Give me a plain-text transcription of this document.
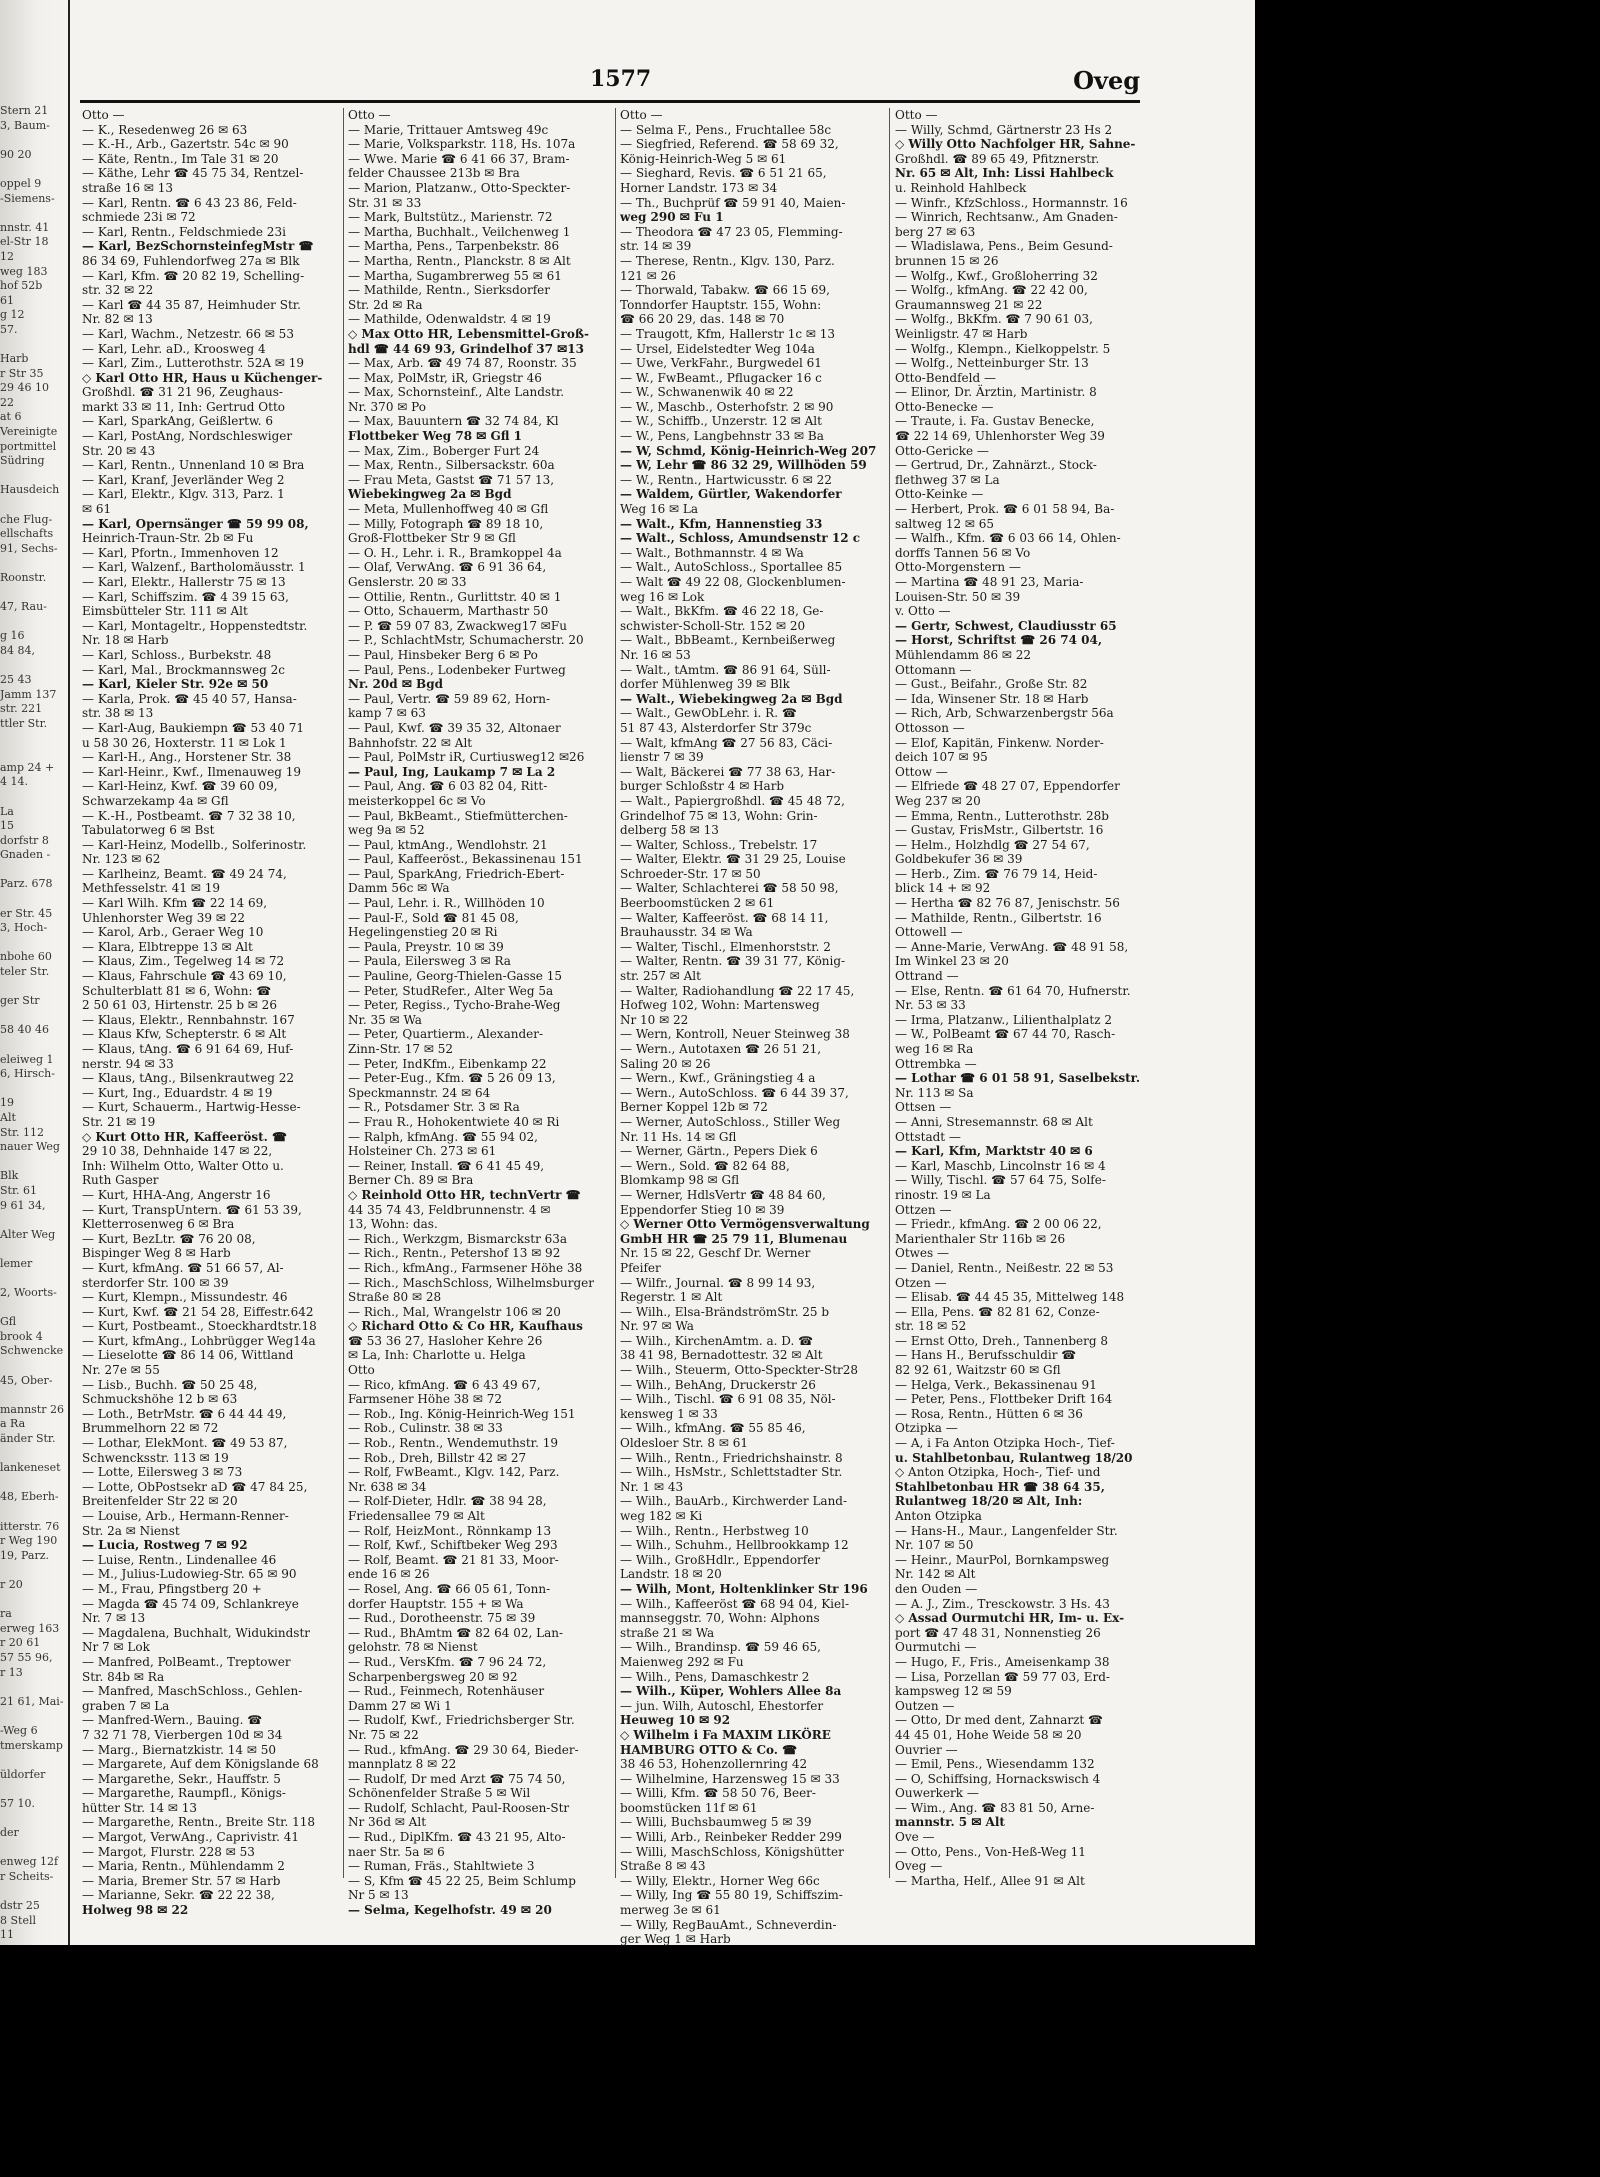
Stern 21
3, Baum-
90 20
oppel 9
-Siemens-
nnstr. 41
el-Str 18
12
weg 183
hof 52b
61
g 12
57.
Harb
r Str 35
29 46 10
22
at 6
Vereinigte
portmittel
Südring
Hausdeich
che Flug-
ellschafts
91, Sechs-
Roonstr.
47, Rau-
g 16
84 84,
25 43
Jamm 137
str. 221
ttler Str.
amp 24 +
4 14.
La
15
dorfstr 8
Gnaden -
Parz. 678
er Str. 45
3, Hoch-
nbohe 60
teler Str.
ger Str
58 40 46
eleiweg 1
6, Hirsch-
19
Alt
Str. 112
nauer Weg
Blk
Str. 61
9 61 34,
Alter Weg
lemer
2, Woorts-
Gfl
brook 4
Schwencke
45, Ober-
mannstr 26
a Ra
änder Str.
lankeneset
48, Eberh-
itterstr. 76
r Weg 190
19, Parz.
r 20
ra
erweg 163
r 20 61
57 55 96,
r 13
21 61, Mai-
-Weg 6
tmerskamp
üldorfer
57 10.
der
enweg 12f
r Scheits-
dstr 25
8 Stell
11
1577	Oveg
Otto —
— K., Resedenweg 26 ✉ 63
— K.-H., Arb., Gazertstr. 54c ✉ 90
— Käte, Rentn., Im Tale 31 ✉ 20
— Käthe, Lehr ☎ 45 75 34, Rentzel-
straße 16 ✉ 13
— Karl, Rentn. ☎ 6 43 23 86, Feld-
schmiede 23i ✉ 72
— Karl, Rentn., Feldschmiede 23i
— Karl, BezSchornsteinfegMstr ☎
86 34 69, Fuhlendorfweg 27a ✉ Blk
— Karl, Kfm. ☎ 20 82 19, Schelling-
str. 32 ✉ 22
— Karl ☎ 44 35 87, Heimhuder Str.
Nr. 82 ✉ 13
— Karl, Wachm., Netzestr. 66 ✉ 53
— Karl, Lehr. aD., Kroosweg 4
— Karl, Zim., Lutterothstr. 52A ✉ 19
◇ Karl Otto HR, Haus u Küchenger-
Großhdl. ☎ 31 21 96, Zeughaus-
markt 33 ✉ 11, Inh: Gertrud Otto
— Karl, SparkAng, Geißlertw. 6
— Karl, PostAng, Nordschleswiger
Str. 20 ✉ 43
— Karl, Rentn., Unnenland 10 ✉ Bra
— Karl, Kranf, Jeverländer Weg 2
— Karl, Elektr., Klgv. 313, Parz. 1
✉ 61
— Karl, Opernsänger ☎ 59 99 08,
Heinrich-Traun-Str. 2b ✉ Fu
— Karl, Pfortn., Immenhoven 12
— Karl, Walzenf., Bartholomäusstr. 1
— Karl, Elektr., Hallerstr 75 ✉ 13
— Karl, Schiffszim. ☎ 4 39 15 63,
Eimsbütteler Str. 111 ✉ Alt
— Karl, Montageltr., Hoppenstedtstr.
Nr. 18 ✉ Harb
— Karl, Schloss., Burbekstr. 48
— Karl, Mal., Brockmannsweg 2c
— Karl, Kieler Str. 92e ✉ 50
— Karla, Prok. ☎ 45 40 57, Hansa-
str. 38 ✉ 13
— Karl-Aug, Baukiempn ☎ 53 40 71
u 58 30 26, Hoxterstr. 11 ✉ Lok 1
— Karl-H., Ang., Horstener Str. 38
— Karl-Heinr., Kwf., Ilmenauweg 19
— Karl-Heinz, Kwf. ☎ 39 60 09,
Schwarzekamp 4a ✉ Gfl
— K.-H., Postbeamt. ☎ 7 32 38 10,
Tabulatorweg 6 ✉ Bst
— Karl-Heinz, Modellb., Solferinostr.
Nr. 123 ✉ 62
— Karlheinz, Beamt. ☎ 49 24 74,
Methfesselstr. 41 ✉ 19
— Karl Wilh. Kfm ☎ 22 14 69,
Uhlenhorster Weg 39 ✉ 22
— Karol, Arb., Geraer Weg 10
— Klara, Elbtreppe 13 ✉ Alt
— Klaus, Zim., Tegelweg 14 ✉ 72
— Klaus, Fahrschule ☎ 43 69 10,
Schulterblatt 81 ✉ 6, Wohn: ☎
2 50 61 03, Hirtenstr. 25 b ✉ 26
— Klaus, Elektr., Rennbahnstr. 167
— Klaus Kfw, Schepterstr. 6 ✉ Alt
— Klaus, tAng. ☎ 6 91 64 69, Huf-
nerstr. 94 ✉ 33
— Klaus, tAng., Bilsenkrautweg 22
— Kurt, Ing., Eduardstr. 4 ✉ 19
— Kurt, Schauerm., Hartwig-Hesse-
Str. 21 ✉ 19
◇ Kurt Otto HR, Kaffeeröst. ☎
29 10 38, Dehnhaide 147 ✉ 22,
Inh: Wilhelm Otto, Walter Otto u.
Ruth Gasper
— Kurt, HHA-Ang, Angerstr 16
— Kurt, TranspUntern. ☎ 61 53 39,
Kletterrosenweg 6 ✉ Bra
— Kurt, BezLtr. ☎ 76 20 08,
Bispinger Weg 8 ✉ Harb
— Kurt, kfmAng. ☎ 51 66 57, Al-
sterdorfer Str. 100 ✉ 39
— Kurt, Klempn., Missundestr. 46
— Kurt, Kwf. ☎ 21 54 28, Eiffestr.642
— Kurt, Postbeamt., Stoeckhardtstr.18
— Kurt, kfmAng., Lohbrügger Weg14a
— Lieselotte ☎ 86 14 06, Wittland
Nr. 27e ✉ 55
— Lisb., Buchh. ☎ 50 25 48,
Schmuckshöhe 12 b ✉ 63
— Loth., BetrMstr. ☎ 6 44 44 49,
Brummelhorn 22 ✉ 72
— Lothar, ElekMont. ☎ 49 53 87,
Schwencksstr. 113 ✉ 19
— Lotte, Eilersweg 3 ✉ 73
— Lotte, ObPostsekr aD ☎ 47 84 25,
Breitenfelder Str 22 ✉ 20
— Louise, Arb., Hermann-Renner-
Str. 2a ✉ Nienst
— Lucia, Rostweg 7 ✉ 92
— Luise, Rentn., Lindenallee 46
— M., Julius-Ludowieg-Str. 65 ✉ 90
— M., Frau, Pfingstberg 20 +
— Magda ☎ 45 74 09, Schlankreye
Nr. 7 ✉ 13
— Magdalena, Buchhalt, Widukindstr
Nr 7 ✉ Lok
— Manfred, PolBeamt., Treptower
Str. 84b ✉ Ra
— Manfred, MaschSchloss., Gehlen-
graben 7 ✉ La
— Manfred-Wern., Bauing. ☎
7 32 71 78, Vierbergen 10d ✉ 34
— Marg., Biernatzkistr. 14 ✉ 50
— Margarete, Auf dem Königslande 68
— Margarethe, Sekr., Hauffstr. 5
— Margarethe, Raumpfl., Königs-
hütter Str. 14 ✉ 13
— Margarethe, Rentn., Breite Str. 118
— Margot, VerwAng., Caprivistr. 41
— Margot, Flurstr. 228 ✉ 53
— Maria, Rentn., Mühlendamm 2
— Maria, Bremer Str. 57 ✉ Harb
— Marianne, Sekr. ☎ 22 22 38,
Holweg 98 ✉ 22
Otto —
— Marie, Trittauer Amtsweg 49c
— Marie, Volksparkstr. 118, Hs. 107a
— Wwe. Marie ☎ 6 41 66 37, Bram-
felder Chaussee 213b ✉ Bra
— Marion, Platzanw., Otto-Speckter-
Str. 31 ✉ 33
— Mark, Bultstütz., Marienstr. 72
— Martha, Buchhalt., Veilchenweg 1
— Martha, Pens., Tarpenbekstr. 86
— Martha, Rentn., Planckstr. 8 ✉ Alt
— Martha, Sugambrerweg 55 ✉ 61
— Mathilde, Rentn., Sierksdorfer
Str. 2d ✉ Ra
— Mathilde, Odenwaldstr. 4 ✉ 19
◇ Max Otto HR, Lebensmittel-Groß-
hdl ☎ 44 69 93, Grindelhof 37 ✉13
— Max, Arb. ☎ 49 74 87, Roonstr. 35
— Max, PolMstr, iR, Griegstr 46
— Max, Schornsteinf., Alte Landstr.
Nr. 370 ✉ Po
— Max, Bauuntern ☎ 32 74 84, Kl
Flottbeker Weg 78 ✉ Gfl 1
— Max, Zim., Boberger Furt 24
— Max, Rentn., Silbersackstr. 60a
— Frau Meta, Gastst ☎ 71 57 13,
Wiebekingweg 2a ✉ Bgd
— Meta, Mullenhoffweg 40 ✉ Gfl
— Milly, Fotograph ☎ 89 18 10,
Groß-Flottbeker Str 9 ✉ Gfl
— O. H., Lehr. i. R., Bramkoppel 4a
— Olaf, VerwAng. ☎ 6 91 36 64,
Genslerstr. 20 ✉ 33
— Ottilie, Rentn., Gurlittstr. 40 ✉ 1
— Otto, Schauerm, Marthastr 50
— P. ☎ 59 07 83, Zwackweg17 ✉Fu
— P., SchlachtMstr, Schumacherstr. 20
— Paul, Hinsbeker Berg 6 ✉ Po
— Paul, Pens., Lodenbeker Furtweg
Nr. 20d ✉ Bgd
— Paul, Vertr. ☎ 59 89 62, Horn-
kamp 7 ✉ 63
— Paul, Kwf. ☎ 39 35 32, Altonaer
Bahnhofstr. 22 ✉ Alt
— Paul, PolMstr iR, Curtiusweg12 ✉26
— Paul, Ing, Laukamp 7 ✉ La 2
— Paul, Ang. ☎ 6 03 82 04, Ritt-
meisterkoppel 6c ✉ Vo
— Paul, BkBeamt., Stiefmütterchen-
weg 9a ✉ 52
— Paul, ktmAng., Wendlohstr. 21
— Paul, Kaffeeröst., Bekassinenau 151
— Paul, SparkAng, Friedrich-Ebert-
Damm 56c ✉ Wa
— Paul, Lehr. i. R., Willhöden 10
— Paul-F., Sold ☎ 81 45 08,
Hegelingenstieg 20 ✉ Ri
— Paula, Preystr. 10 ✉ 39
— Paula, Eilersweg 3 ✉ Ra
— Pauline, Georg-Thielen-Gasse 15
— Peter, StudRefer., Alter Weg 5a
— Peter, Regiss., Tycho-Brahe-Weg
Nr. 35 ✉ Wa
— Peter, Quartierm., Alexander-
Zinn-Str. 17 ✉ 52
— Peter, IndKfm., Eibenkamp 22
— Peter-Eug., Kfm. ☎ 5 26 09 13,
Speckmannstr. 24 ✉ 64
— R., Potsdamer Str. 3 ✉ Ra
— Frau R., Hohokentwiete 40 ✉ Ri
— Ralph, kfmAng. ☎ 55 94 02,
Holsteiner Ch. 273 ✉ 61
— Reiner, Install. ☎ 6 41 45 49,
Berner Ch. 89 ✉ Bra
◇ Reinhold Otto HR, technVertr ☎
44 35 74 43, Feldbrunnenstr. 4 ✉
13, Wohn: das.
— Rich., Werkzgm, Bismarckstr 63a
— Rich., Rentn., Petershof 13 ✉ 92
— Rich., kfmAng., Farmsener Höhe 38
— Rich., MaschSchloss, Wilhelmsburger
Straße 80 ✉ 28
— Rich., Mal, Wrangelstr 106 ✉ 20
◇ Richard Otto & Co HR, Kaufhaus
☎ 53 36 27, Hasloher Kehre 26
✉ La, Inh: Charlotte u. Helga
Otto
— Rico, kfmAng. ☎ 6 43 49 67,
Farmsener Höhe 38 ✉ 72
— Rob., Ing. König-Heinrich-Weg 151
— Rob., Culinstr. 38 ✉ 33
— Rob., Rentn., Wendemuthstr. 19
— Rob., Dreh, Billstr 42 ✉ 27
— Rolf, FwBeamt., Klgv. 142, Parz.
Nr. 638 ✉ 34
— Rolf-Dieter, Hdlr. ☎ 38 94 28,
Friedensallee 79 ✉ Alt
— Rolf, HeizMont., Rönnkamp 13
— Rolf, Kwf., Schiftbeker Weg 293
— Rolf, Beamt. ☎ 21 81 33, Moor-
ende 16 ✉ 26
— Rosel, Ang. ☎ 66 05 61, Tonn-
dorfer Hauptstr. 155 + ✉ Wa
— Rud., Dorotheenstr. 75 ✉ 39
— Rud., BhAmtm ☎ 82 64 02, Lan-
gelohstr. 78 ✉ Nienst
— Rud., VersKfm. ☎ 7 96 24 72,
Scharpenbergsweg 20 ✉ 92
— Rud., Feinmech, Rotenhäuser
Damm 27 ✉ Wi 1
— Rudolf, Kwf., Friedrichsberger Str.
Nr. 75 ✉ 22
— Rud., kfmAng. ☎ 29 30 64, Bieder-
mannplatz 8 ✉ 22
— Rudolf, Dr med Arzt ☎ 75 74 50,
Schönenfelder Straße 5 ✉ Wil
— Rudolf, Schlacht, Paul-Roosen-Str
Nr 36d ✉ Alt
— Rud., DiplKfm. ☎ 43 21 95, Alto-
naer Str. 5a ✉ 6
— Ruman, Fräs., Stahltwiete 3
— S, Kfm ☎ 45 22 25, Beim Schlump
Nr 5 ✉ 13
— Selma, Kegelhofstr. 49 ✉ 20
Otto —
— Selma F., Pens., Fruchtallee 58c
— Siegfried, Referend. ☎ 58 69 32,
König-Heinrich-Weg 5 ✉ 61
— Sieghard, Revis. ☎ 6 51 21 65,
Horner Landstr. 173 ✉ 34
— Th., Buchprüf ☎ 59 91 40, Maien-
weg 290 ✉ Fu 1
— Theodora ☎ 47 23 05, Flemming-
str. 14 ✉ 39
— Therese, Rentn., Klgv. 130, Parz.
121 ✉ 26
— Thorwald, Tabakw. ☎ 66 15 69,
Tonndorfer Hauptstr. 155, Wohn:
☎ 66 20 29, das. 148 ✉ 70
— Traugott, Kfm, Hallerstr 1c ✉ 13
— Ursel, Eidelstedter Weg 104a
— Uwe, VerkFahr., Burgwedel 61
— W., FwBeamt., Pflugacker 16 c
— W., Schwanenwik 40 ✉ 22
— W., Maschb., Osterhofstr. 2 ✉ 90
— W., Schiffb., Unzerstr. 12 ✉ Alt
— W., Pens, Langbehnstr 33 ✉ Ba
— W, Schmd, König-Heinrich-Weg 207
— W, Lehr ☎ 86 32 29, Willhöden 59
— W., Rentn., Hartwicusstr. 6 ✉ 22
— Waldem, Gürtler, Wakendorfer
Weg 16 ✉ La
— Walt., Kfm, Hannenstieg 33
— Walt., Schloss, Amundsenstr 12 c
— Walt., Bothmannstr. 4 ✉ Wa
— Walt., AutoSchloss., Sportallee 85
— Walt ☎ 49 22 08, Glockenblumen-
weg 16 ✉ Lok
— Walt., BkKfm. ☎ 46 22 18, Ge-
schwister-Scholl-Str. 152 ✉ 20
— Walt., BbBeamt., Kernbeißerweg
Nr. 16 ✉ 53
— Walt., tAmtm. ☎ 86 91 64, Süll-
dorfer Mühlenweg 39 ✉ Blk
— Walt., Wiebekingweg 2a ✉ Bgd
— Walt., GewObLehr. i. R. ☎
51 87 43, Alsterdorfer Str 379c
— Walt, kfmAng ☎ 27 56 83, Cäci-
lienstr 7 ✉ 39
— Walt, Bäckerei ☎ 77 38 63, Har-
burger Schloßstr 4 ✉ Harb
— Walt., Papiergroßhdl. ☎ 45 48 72,
Grindelhof 75 ✉ 13, Wohn: Grin-
delberg 58 ✉ 13
— Walter, Schloss., Trebelstr. 17
— Walter, Elektr. ☎ 31 29 25, Louise
Schroeder-Str. 17 ✉ 50
— Walter, Schlachterei ☎ 58 50 98,
Beerboomstücken 2 ✉ 61
— Walter, Kaffeeröst. ☎ 68 14 11,
Brauhausstr. 34 ✉ Wa
— Walter, Tischl., Elmenhorststr. 2
— Walter, Rentn. ☎ 39 31 77, König-
str. 257 ✉ Alt
— Walter, Radiohandlung ☎ 22 17 45,
Hofweg 102, Wohn: Martensweg
Nr 10 ✉ 22
— Wern, Kontroll, Neuer Steinweg 38
— Wern., Autotaxen ☎ 26 51 21,
Saling 20 ✉ 26
— Wern., Kwf., Gräningstieg 4 a
— Wern., AutoSchloss. ☎ 6 44 39 37,
Berner Koppel 12b ✉ 72
— Werner, AutoSchloss., Stiller Weg
Nr. 11 Hs. 14 ✉ Gfl
— Werner, Gärtn., Pepers Diek 6
— Wern., Sold. ☎ 82 64 88,
Blomkamp 98 ✉ Gfl
— Werner, HdlsVertr ☎ 48 84 60,
Eppendorfer Stieg 10 ✉ 39
◇ Werner Otto Vermögensverwaltung
GmbH HR ☎ 25 79 11, Blumenau
Nr. 15 ✉ 22, Geschf Dr. Werner
Pfeifer
— Wilfr., Journal. ☎ 8 99 14 93,
Regerstr. 1 ✉ Alt
— Wilh., Elsa-BrändströmStr. 25 b
Nr. 97 ✉ Wa
— Wilh., KirchenAmtm. a. D. ☎
38 41 98, Bernadottestr. 32 ✉ Alt
— Wilh., Steuerm, Otto-Speckter-Str28
— Wilh., BehAng, Druckerstr 26
— Wilh., Tischl. ☎ 6 91 08 35, Nöl-
kensweg 1 ✉ 33
— Wilh., kfmAng. ☎ 55 85 46,
Oldesloer Str. 8 ✉ 61
— Wilh., Rentn., Friedrichshainstr. 8
— Wilh., HsMstr., Schlettstadter Str.
Nr. 1 ✉ 43
— Wilh., BauArb., Kirchwerder Land-
weg 182 ✉ Ki
— Wilh., Rentn., Herbstweg 10
— Wilh., Schuhm., Hellbrookkamp 12
— Wilh., GroßHdlr., Eppendorfer
Landstr. 18 ✉ 20
— Wilh, Mont, Holtenklinker Str 196
— Wilh., Kaffeeröst ☎ 68 94 04, Kiel-
mannseggstr. 70, Wohn: Alphons
straße 21 ✉ Wa
— Wilh., Brandinsp. ☎ 59 46 65,
Maienweg 292 ✉ Fu
— Wilh., Pens, Damaschkestr 2
— Wilh., Küper, Wohlers Allee 8a
— jun. Wilh, Autoschl, Ehestorfer
Heuweg 10 ✉ 92
◇ Wilhelm i Fa MAXIM LIKÖRE
HAMBURG OTTO & Co. ☎
38 46 53, Hohenzollernring 42
— Wilhelmine, Harzensweg 15 ✉ 33
— Willi, Kfm. ☎ 58 50 76, Beer-
boomstücken 11f ✉ 61
— Willi, Buchsbaumweg 5 ✉ 39
— Willi, Arb., Reinbeker Redder 299
— Willi, MaschSchloss, Königshütter
Straße 8 ✉ 43
— Willy, Elektr., Horner Weg 66c
— Willy, Ing ☎ 55 80 19, Schiffszim-
merweg 3e ✉ 61
— Willy, RegBauAmt., Schneverdin-
ger Weg 1 ✉ Harb
Otto —
— Willy, Schmd, Gärtnerstr 23 Hs 2
◇ Willy Otto Nachfolger HR, Sahne-
Großhdl. ☎ 89 65 49, Pfitznerstr.
Nr. 65 ✉ Alt, Inh: Lissi Hahlbeck
u. Reinhold Hahlbeck
— Winfr., KfzSchloss., Hormannstr. 16
— Winrich, Rechtsanw., Am Gnaden-
berg 27 ✉ 63
— Wladislawa, Pens., Beim Gesund-
brunnen 15 ✉ 26
— Wolfg., Kwf., Großloherring 32
— Wolfg., kfmAng. ☎ 22 42 00,
Graumannsweg 21 ✉ 22
— Wolfg., BkKfm. ☎ 7 90 61 03,
Weinligstr. 47 ✉ Harb
— Wolfg., Klempn., Kielkoppelstr. 5
— Wolfg., Netteinburger Str. 13
Otto-Bendfeld —
— Elinor, Dr. Ärztin, Martinistr. 8
Otto-Benecke —
— Traute, i. Fa. Gustav Benecke,
☎ 22 14 69, Uhlenhorster Weg 39
Otto-Gericke —
— Gertrud, Dr., Zahnärzt., Stock-
flethweg 37 ✉ La
Otto-Keinke —
— Herbert, Prok. ☎ 6 01 58 94, Ba-
saltweg 12 ✉ 65
— Walfh., Kfm. ☎ 6 03 66 14, Ohlen-
dorffs Tannen 56 ✉ Vo
Otto-Morgenstern —
— Martina ☎ 48 91 23, Maria-
Louisen-Str. 50 ✉ 39
v. Otto —
— Gertr, Schwest, Claudiusstr 65
— Horst, Schriftst ☎ 26 74 04,
Mühlendamm 86 ✉ 22
Ottomann —
— Gust., Beifahr., Große Str. 82
— Ida, Winsener Str. 18 ✉ Harb
— Rich, Arb, Schwarzenbergstr 56a
Ottosson —
— Elof, Kapitän, Finkenw. Norder-
deich 107 ✉ 95
Ottow —
— Elfriede ☎ 48 27 07, Eppendorfer
Weg 237 ✉ 20
— Emma, Rentn., Lutterothstr. 28b
— Gustav, FrisMstr., Gilbertstr. 16
— Helm., Holzhdlg ☎ 27 54 67,
Goldbekufer 36 ✉ 39
— Herb., Zim. ☎ 76 79 14, Heid-
blick 14 + ✉ 92
— Hertha ☎ 82 76 87, Jenischstr. 56
— Mathilde, Rentn., Gilbertstr. 16
Ottowell —
— Anne-Marie, VerwAng. ☎ 48 91 58,
Im Winkel 23 ✉ 20
Ottrand —
— Else, Rentn. ☎ 61 64 70, Hufnerstr.
Nr. 53 ✉ 33
— Irma, Platzanw., Lilienthalplatz 2
— W., PolBeamt ☎ 67 44 70, Rasch-
weg 16 ✉ Ra
Ottrembka —
— Lothar ☎ 6 01 58 91, Saselbekstr.
Nr. 113 ✉ Sa
Ottsen —
— Anni, Stresemannstr. 68 ✉ Alt
Ottstadt —
— Karl, Kfm, Marktstr 40 ✉ 6
— Karl, Maschb, Lincolnstr 16 ✉ 4
— Willy, Tischl. ☎ 57 64 75, Solfe-
rinostr. 19 ✉ La
Ottzen —
— Friedr., kfmAng. ☎ 2 00 06 22,
Marienthaler Str 116b ✉ 26
Otwes —
— Daniel, Rentn., Neißestr. 22 ✉ 53
Otzen —
— Elisab. ☎ 44 45 35, Mittelweg 148
— Ella, Pens. ☎ 82 81 62, Conze-
str. 18 ✉ 52
— Ernst Otto, Dreh., Tannenberg 8
— Hans H., Berufsschuldir ☎
82 92 61, Waitzstr 60 ✉ Gfl
— Helga, Verk., Bekassinenau 91
— Peter, Pens., Flottbeker Drift 164
— Rosa, Rentn., Hütten 6 ✉ 36
Otzipka —
— A, i Fa Anton Otzipka Hoch-, Tief-
u. Stahlbetonbau, Rulantweg 18/20
◇ Anton Otzipka, Hoch-, Tief- und
Stahlbetonbau HR ☎ 38 64 35,
Rulantweg 18/20 ✉ Alt, Inh:
Anton Otzipka
— Hans-H., Maur., Langenfelder Str.
Nr. 107 ✉ 50
— Heinr., MaurPol, Bornkampsweg
Nr. 142 ✉ Alt
den Ouden —
— A. J., Zim., Tresckowstr. 3 Hs. 43
◇ Assad Ourmutchi HR, Im- u. Ex-
port ☎ 47 48 31, Nonnenstieg 26
Ourmutchi —
— Hugo, F., Fris., Ameisenkamp 38
— Lisa, Porzellan ☎ 59 77 03, Erd-
kampsweg 12 ✉ 59
Outzen —
— Otto, Dr med dent, Zahnarzt ☎
44 45 01, Hohe Weide 58 ✉ 20
Ouvrier —
— Emil, Pens., Wiesendamm 132
— O, Schiffsing, Hornackswisch 4
Ouwerkerk —
— Wim., Ang. ☎ 83 81 50, Arne-
mannstr. 5 ✉ Alt
Ove —
— Otto, Pens., Von-Heß-Weg 11
Oveg —
— Martha, Helf., Allee 91 ✉ Alt
